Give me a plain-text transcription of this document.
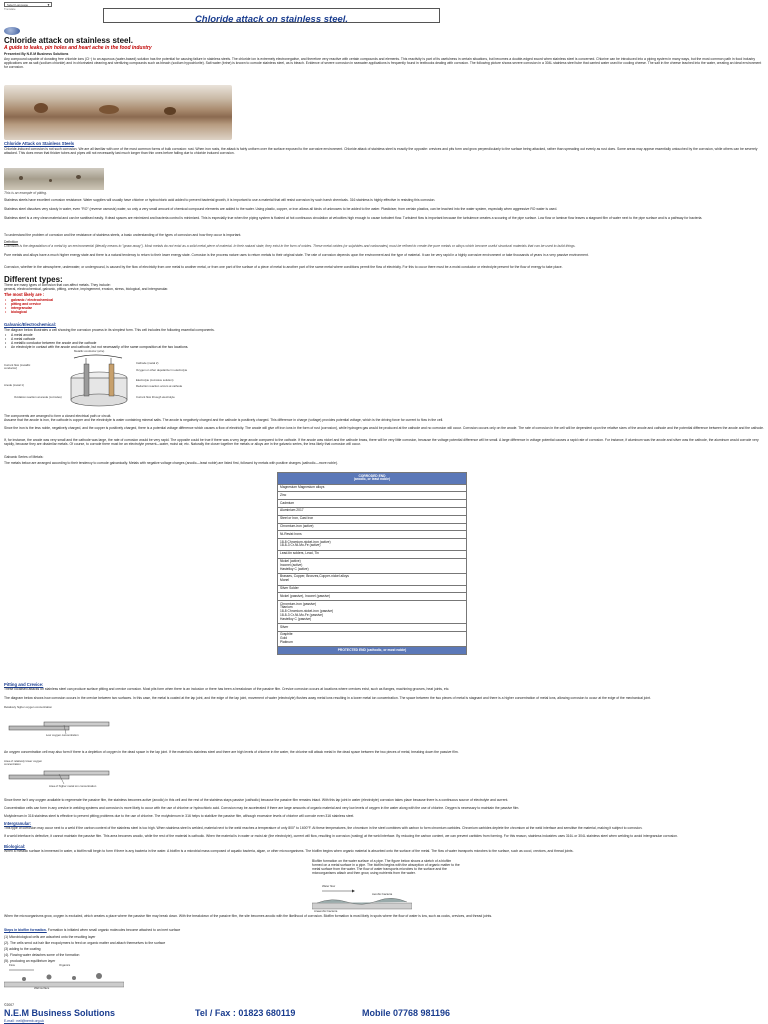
Select Language	▼
Translate
Chloride attack on stainless steel.
Chloride attack on stainless steel.
A guide to leaks, pin holes and heart ache in the food industry
Presented By N.E.M Business Solutions
Any compound capable of donating free chloride ions (Cl⁻) to an aqueous (water-based) solution has the potential for causing failure in stainless steels. The chloride ion is extremely electronegative, and therefore very reactive with certain compounds and elements. This reactivity is part of its usefulness in certain situations, but becomes a double-edged sword when stainless steel is concerned. Chlorine can be introduced into a piping system in many ways, but the most common path in food industry applications are as salt (sodium chloride) and in chlorinated cleaning and sterilizing compounds such as bleach (sodium hypochlorite). Salt water (brine) is known to corrode stainless steel, as is bleach. Evidence of severe corrosion in seawater applications is frequently found in textbooks dealing with corrosion. The following picture shows severe corrosion in a 304L stainless steel tube that carried water used for cooling cheese. The salt in the cheese leached into the water, creating an ideal environment for corrosion.
Chloride Attack on Stainless Steels
Chloride-induced corrosion is not such corrosion. We are all familiar with one of the most common forms of bulk corrosion: rust. When iron rusts, the attack is fairly uniform over the surface exposed to the corrosive environment. Chloride attack of stainless steel is exactly the opposite: crevices and pits form and grow perpendicularly to the surface being attacked, rather than spreading out evenly as rust does. Some areas may appear essentially untouched by the corrosion, while others can be severely attacked. This does mean that thicker tubes and pipes will not necessarily last much longer than thin ones before failing due to chloride induced corrosion.
This is an example of pitting.
Stainless steels have excellent corrosion resistance. Water supplies will usually have chlorine or hydrochloric acid added to prevent bacterial growth, it is important to use a material that will resist corrosion by such harsh chemicals. 316 stainless is highly effective in resisting this corrosion.
Stainless steel dissolves very slowly in water, even "RO" (reverse osmosis) water, so only a very small amount of chemical compound elements are added to the water. Using plastic, copper, or iron allows all kinds of unknowns to be added to the water. Plasticiser, from certain plastics, can be leached into the water system, especially when aggressive RO water is used.
Stainless steel is a very clean material and can be sanitised easily. If dead spaces are minimized and bacteria control is minimized. This is especially true when the piping system is flushed at hot continuous circulation at velocities high enough to cause turbulent flow. Turbulent flow is important because the turbulence creates a scouring of the pipe surface. Low flow or laminar flow leaves a stagnant film of water next to the pipe surface and is a pathway for bacteria.
To understand the problem of corrosion and the resistance of stainless steels, a basic understanding of the types of corrosion and how they occur is important.
Definition
Corrosion is the degradation of a metal by an environmental (literally means to "gnaw away"). Most metals do not exist as a solid metal piece of material. In their natural state, they exist in the form of oxides. These metal oxides (or sulphides and carbonates) must be refined to create the pure metals or alloys which become useful structural materials that can be used to build things.
Pure metals and alloys have a much higher energy state and there is a natural tendency to return to their lower energy state. Corrosion is the process nature uses to return metals to their original state. The rate of corrosion depends upon the environment and the type of material. It can be very rapid in a highly corrosive environment or take thousands of years in a very passive environment.
Corrosion, whether in the atmosphere, underwater, or underground, is caused by the flow of electricity from one metal to another metal, or from one part of the surface of a piece of metal to another part of the same metal where conditions permit the flow of electricity. For this to occur there must be a moist conductor or electrolyte present for the flow of energy to take place.
Different types:
There are many types of corrosion that can affect metals. They include:
general, electrochemical, galvanic, pitting, crevice, impingement, erosion, stress, biological, and intergranular.
The most likely are :
• galvanic / electrochemical
• pitting and crevice
• intergranular
• biological
Galvanic/Electrochemical:
The diagram below illustrates a cell showing the corrosion process in its simplest form. This cell includes the following essential components.
• A metal anode
• A metal cathode
• A metallic conductor between the anode and the cathode
• An electrolyte in contact with the anode and cathode, but not necessarily of the same composition at the two locations.
Metallic conductor (wire)
Current flow (metallic conductor)
Anode (metal 1)
Cathode (metal 2)
Oxygen or other depolarizer in electrolyte
Electrolyte (corrosive solution)
Reduction reaction occurs at cathode
Oxidation reaction at anode (corrodes)	Current flow through electrolyte
The components are arranged to form a closed electrical path or circuit.
Assume that the anode is iron, the cathode is copper and the electrolyte is water containing mineral salts. The anode is negatively charged and the cathode is positively charged. This difference in charge (voltage) provides potential voltage, which is the driving force for current to flow in the cell.
Since the iron is the less noble, negatively charged, and the copper is positively charged, there is a potential voltage difference which causes a flow of electricity. The anode will give off iron ions in the form of rust (corrosion), while hydrogen gas would be produced at the cathode and no corrosion will occur. Corrosion occurs only on the anode. The rate of corrosion in the cell will be dependent upon the relative sizes of the anode and cathode and the potential difference between the anode and the cathode.
If, for instance, the anode was very small and the cathode was large, the rate of corrosion would be very rapid. The opposite could be true if there was a very large anode compared to the cathode. If the anode was nickel and the cathode brass, there will be very little corrosion, because the voltage potential difference will be small. A large difference in voltage potential causes a rapid rate of corrosion. For instance, if aluminum was the anode and silver was the cathode, the aluminum would corrode very rapidly, because they are dissimilar metals. Of course, to corrode there must be an electrolyte present—water, moist air, etc. Naturally the closer together the metals or alloys are in the galvanic series, the less likely that corrosion will occur.
Galvanic Series of Metals:
The metals below are arranged according to their tendency to corrode galvanically. Metals with negative voltage charges (anodic—least noble) are listed first, followed by metals with positive charges (cathodic—more noble).
CORRODED END
(anodic, or least noble)
Magnesium Magnesium alloys
Zinc
Cadmium
Aluminium 2017
Steel or Iron, Cast Iron
Chromium-iron (active)
Ni-Resist Irons
18-8 Chromium-nickel-iron (active)
18-8-3 Cr-Ni-Mo-Fe (active)
Lead-tin solders, Lead, Tin
Nickel (active)
Inconel (active)
Hastelloy C (active)
Brasses, Copper, Bronzes,Copper-nickel alloys
Monel
Silver Solder
Nickel (passive), Inconel (passive)
Chromium-iron (passive)
Titanium
18-8 Chromium-nickel-iron (passive)
18-8-3 Cr-Ni-Mo-Fe (passive)
Hastelloy C (passive)
Silver
Graphite
Gold
Platinum
PROTECTED END (cathodic, or most noble)
Pitting and Crevice:
These localised attacks on stainless steel can produce surface pitting and crevice corrosion. Most pits form when there is an inclusion or there has been a breakdown of the passive film. Crevice corrosion occurs at locations where crevices exist, such as flanges, machining grooves, heat joints, etc.
The diagram below shows how corrosion occurs in the crevice between two surfaces. In this case, the metal is coated at the lap joint, and the edge of the lap joint, movement of water (electrolyte) flushes away metal ions resulting in a lower metal ion concentration. The space between the two pieces of metal is stagnant and there is a higher concentration of metal ions, allowing corrosion to occur at the edge of the mechanical joint.
Relatively higher oxygen concentration
Low oxygen concentration
An oxygen concentration cell may also form if there is a depletion of oxygen in the dead space in the lap joint. If the material is stainless steel and there are high levels of chlorine in the water, the chlorine will attack metal in the dead space between the two pieces of metal, breaking down the passive film.
Area of relatively lower oxygen concentration
Area of higher metal ion concentration
Since there isn't any oxygen available to regenerate the passive film, the stainless becomes active (anodic) in this cell and the rest of the stainless stays passive (cathodic) because the passive film remains intact. With this lap joint in water (electrolyte) corrosion takes place because there is a continuous source of electrolyte and current.
Concentration cells can form in any crevice in welding systems and corrosion is more likely to occur with the use of chlorine or hydrochloric acid. Corrosion may be accelerated if there are large amounts of organic material and very low levels of oxygen in the water along with the use of chlorine. Oxygen is necessary to maintain the passive film.
Molybdenum in 316 stainless steel is effective to prevent pitting problems due to the use of chlorine. The molybdenum in 316 helps to stabilize the passive film, although excessive levels of chlorine will corrode even 316 stainless steel.
Intergranular:
This type of corrosion may occur next to a weld if the carbon content of the stainless steel is too high. When stainless steel is welded, material next to the weld reaches a temperature of only 800° to 1600°F. At these temperatures, the chromium in the steel combines with carbon to form chromium carbides. Chromium carbides deplete the chromium at the weld interface and sensitise the material, making it subject to corrosion.
If a weld interface is defective, it cannot maintain the passive film. This area becomes anodic, while the rest of the material is cathodic. When the material is in water or moist air (the electrolyte), current will flow, resulting in corrosion (rusting) at the weld interface. By reducing the carbon content, we can prevent carbides from forming. For this reason, stainless industries uses 316L or 304L stainless steel when welding to avoid intergranular corrosion.
Biological:
When a metallic surface is immersed in water, a biofilm will begin to form if there is any bacteria in the water. A biofilm is a microbial mass composed of aquatic bacteria, algae, or other microorganisms. The biofilm begins when organic material is absorbed onto the surface of the metal. The flow of water transports microbes to the surface, such as cocci, crevices, and thread joints.
Biofilm formation on the water surface of a pipe. The figure below shows a sketch of a biofilm formed on a metal surface in a pipe. The biofilm begins with the absorption of organic matter to the metal surface from the water. The flow of water transports microbes to the surface and the microorganisms attach and then grow, using nutrients from the water.
Water flow
Aerobic bacteria
Anaerobic bacteria
When the microorganisms grow, oxygen is excluded, which creates a place where the passive film may break down. With the breakdown of the passive film, the site becomes anodic with the likelihood of corrosion. Biofilm formation is most likely in spots where the flow of water is low, such as cocks, crevices, and thread joints.
Steps in biofilm formation. Formation is initiated when small organic molecules become attached to an inert surface
(1) Microbiological cells are adsorbed onto the resulting layer
(2). The cells send out hair like exopolymers to feed on organic matter and attach themselves to the surface
(3) adding to the coating
(4). Flowing water detaches some of the formation
(5). producing an equilibrium layer
Flow	Organics
Wall surface
©2007
N.E.M Business Solutions	Tel / Fax : 01823 680119	Mobile 07768 981196
E-mail : neil@nemb.org.uk
